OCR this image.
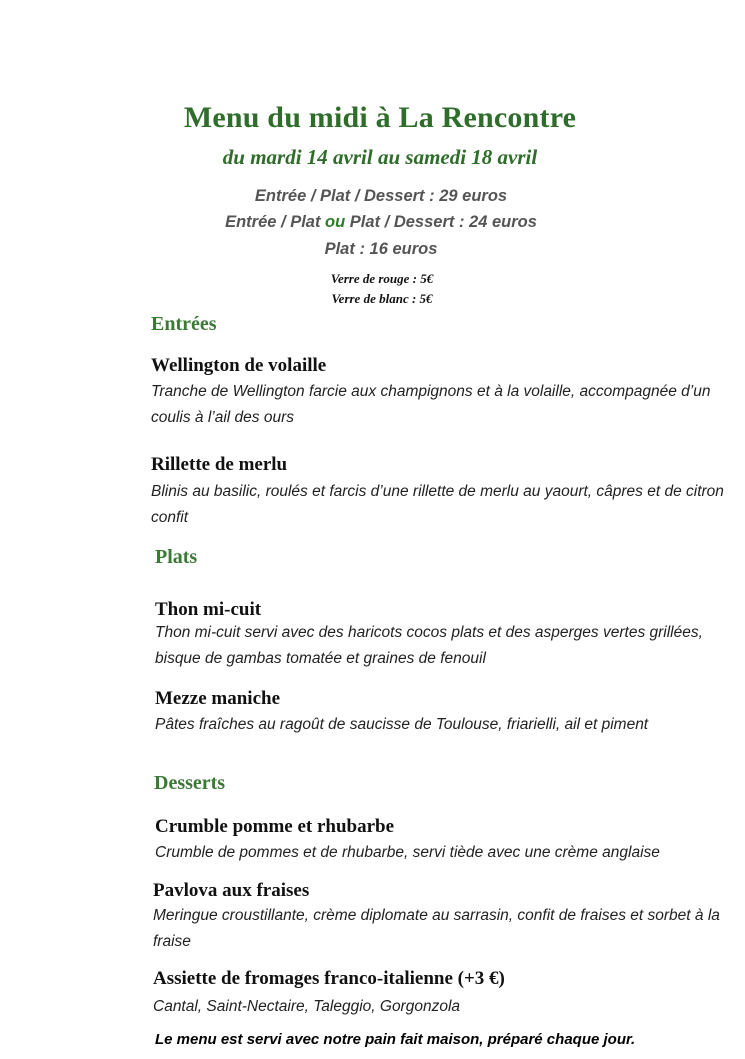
Menu du midi à La Rencontre
du mardi 14 avril au samedi 18 avril
Entrée / Plat / Dessert : 29 euros
Entrée / Plat ou Plat / Dessert : 24 euros
Plat : 16 euros
Verre de rouge : 5€
Verre de blanc : 5€
Entrées
Wellington de volaille
Tranche de Wellington farcie aux champignons et à la volaille, accompagnée d’un coulis à l’ail des ours
Rillette de merlu
Blinis au basilic, roulés et farcis d’une rillette de merlu au yaourt, câpres et de citron confit
Plats
Thon mi-cuit
Thon mi-cuit servi avec des haricots cocos plats et des asperges vertes grillées, bisque de gambas tomatée et graines de fenouil
Mezze maniche
Pâtes fraîches au ragoût de saucisse de Toulouse, friarielli, ail et piment
Desserts
Crumble pomme et rhubarbe
Crumble de pommes et de rhubarbe, servi tiède avec une crème anglaise
Pavlova aux fraises
Meringue croustillante, crème diplomate au sarrasin, confit de fraises et sorbet à la fraise
Assiette de fromages franco-italienne (+3 €)
Cantal, Saint-Nectaire, Taleggio, Gorgonzola
Le menu est servi avec notre pain fait maison, préparé chaque jour.
